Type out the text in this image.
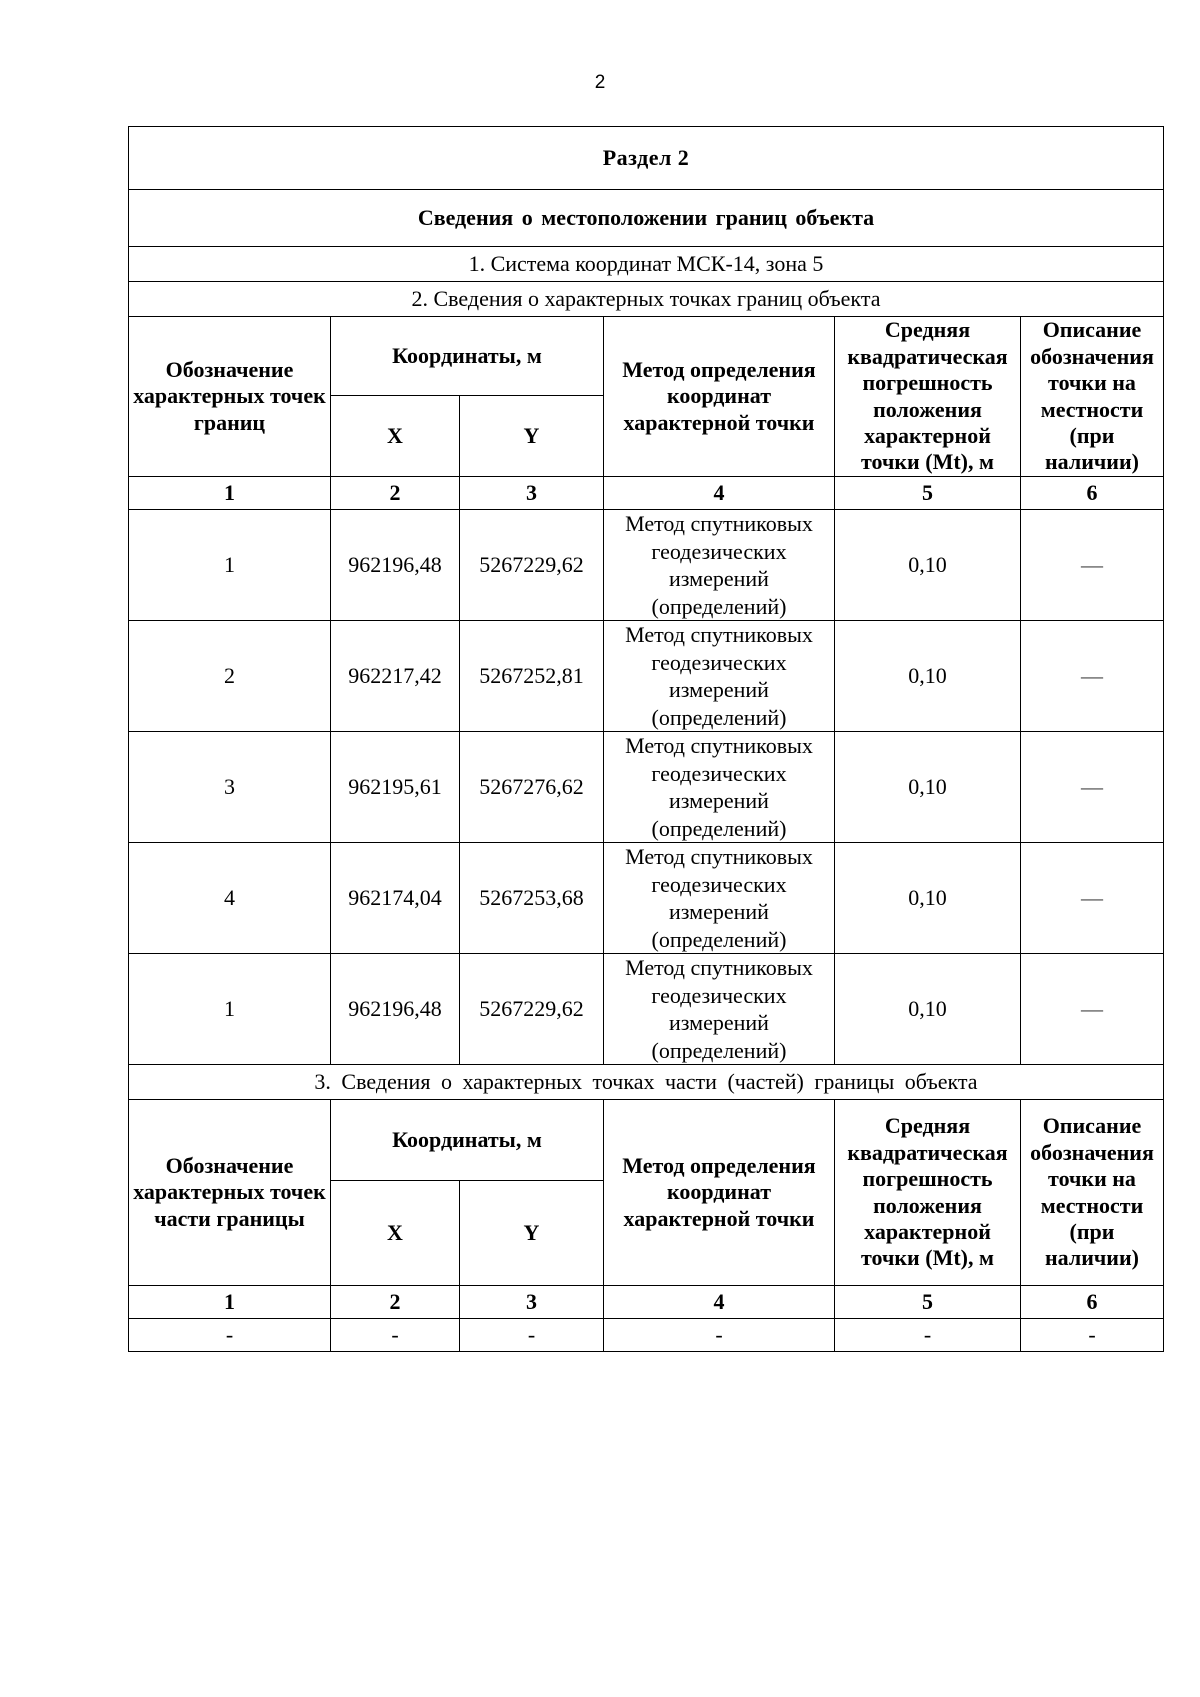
2
Раздел 2					
Сведения о местоположении границ объекта					
1. Система координат МСК-14, зона 5					
2. Сведения о характерных точках границ объекта					
Обозначение характерных точек границ	Координаты, м		Метод определения координат характерной точки	Средняя квадратическая погрешность положения характерной точки (Mt), м	Описание обозначения точки на местности (при наличии)
	X	Y			
1	2	3	4	5	6
1	962196,48	5267229,62	Метод спутниковых геодезических измерений (определений)	0,10	—
2	962217,42	5267252,81	Метод спутниковых геодезических измерений (определений)	0,10	—
3	962195,61	5267276,62	Метод спутниковых геодезических измерений (определений)	0,10	—
4	962174,04	5267253,68	Метод спутниковых геодезических измерений (определений)	0,10	—
1	962196,48	5267229,62	Метод спутниковых геодезических измерений (определений)	0,10	—
3. Сведения о характерных точках части (частей) границы объекта					
Обозначение характерных точек части границы	Координаты, м		Метод определения координат характерной точки	Средняя квадратическая погрешность положения характерной точки (Mt), м	Описание обозначения точки на местности (при наличии)
	X	Y			
1	2	3	4	5	6
-	-	-	-	-	-
